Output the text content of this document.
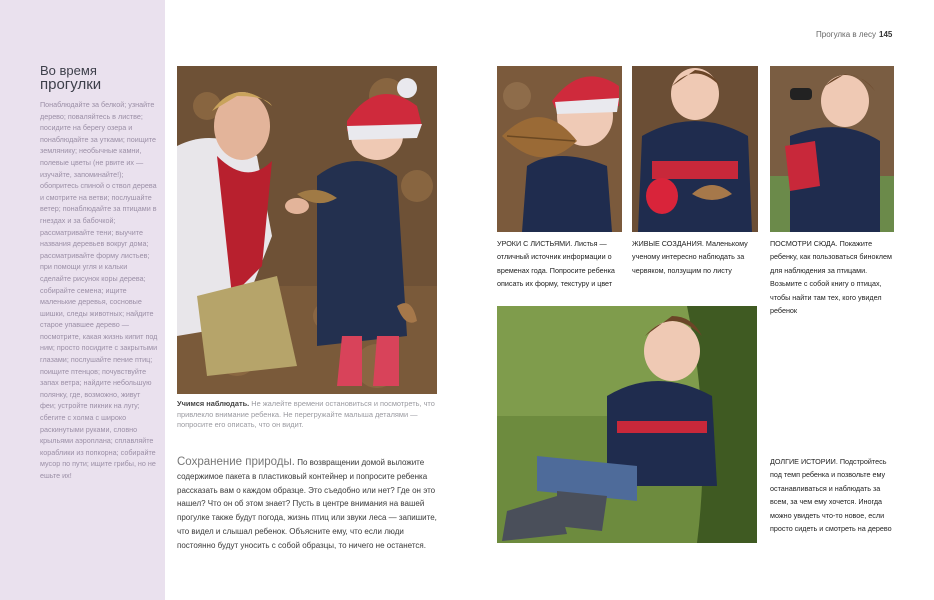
Во время
прогулки
Понаблюдайте за белкой; узнайте дерево; поваляйтесь в листве; посидите на берегу озера и понаблюдайте за утками; поищите землянику; необычные камни, полевые цветы (не рвите их — изучайте, запоминайте!); обопритесь спиной о ствол дерева и смотрите на ветви; послушайте ветер; понаблюдайте за птицами в гнездах и за бабочкой; рассматривайте тени; выучите названия деревьев вокруг дома; рассматривайте форму листьев; при помощи угля и кальки сделайте рисунок коры дерева; собирайте семена; ищите маленькие деревья, сосновые шишки, следы животных; найдите старое упавшее дерево — посмотрите, какая жизнь кипит под ним; просто посидите с закрытыми глазами; послушайте пение птиц; поищите птенцов; почувствуйте запах ветра; найдите небольшую полянку, где, возможно, живут феи; устройте пикник на лугу; сбегите с холма с широко раскинутыми руками, словно крыльями аэроплана; сплавляйте кораблики из попкорна; собирайте мусор по пути; ищите грибы, но не ешьте их!
Прогулка в лесу 145
Учимся наблюдать. Не жалейте времени остановиться и посмотреть, что привлекло внимание ребенка. Не перегружайте малыша деталями — попросите его описать, что он видит.
Сохранение природы. По возвращении домой выложите содержимое пакета в пластиковый контейнер и попросите ребенка рассказать вам о каждом образце. Это съедобно или нет? Где он это нашел? Что он об этом знает? Пусть в центре внимания на вашей прогулке также будут погода, жизнь птиц или звуки леса — запишите, что видел и слышал ребенок. Объясните ему, что если люди постоянно будут уносить с собой образцы, то ничего не останется.
УРОКИ С ЛИСТЬЯМИ. Листья — отличный источник информации о временах года. Попросите ребенка описать их форму, текстуру и цвет
ЖИВЫЕ СОЗДАНИЯ. Маленькому ученому интересно наблюдать за червяком, ползущим по листу
ПОСМОТРИ СЮДА. Покажите ребенку, как пользоваться биноклем для наблюдения за птицами. Возьмите с собой книгу о птицах, чтобы найти там тех, кого увидел ребенок
ДОЛГИЕ ИСТОРИИ. Подстройтесь под темп ребенка и позвольте ему останавливаться и наблюдать за всем, за чем ему хочется. Иногда можно увидеть что-то новое, если просто сидеть и смотреть на дерево
